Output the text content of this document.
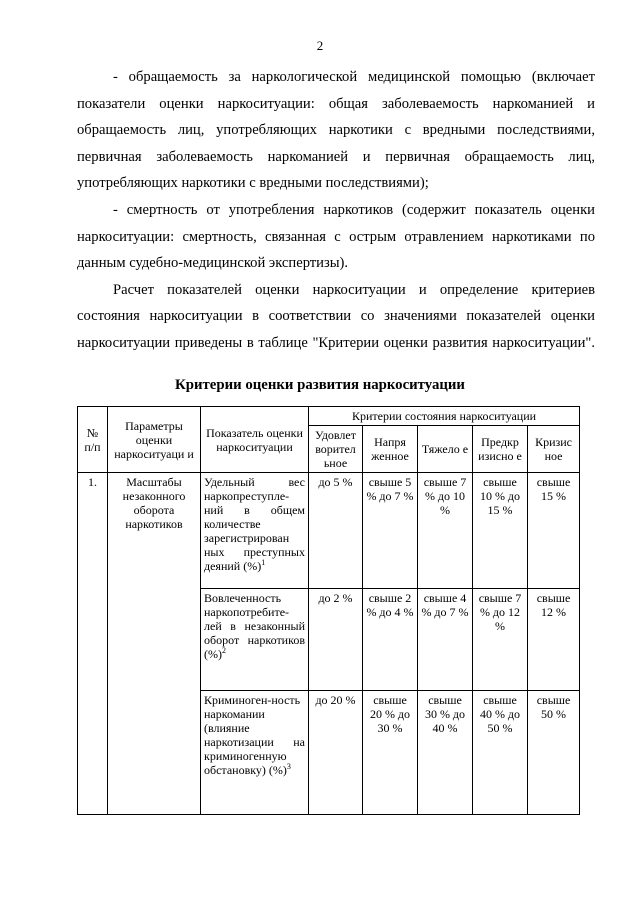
2

- обращаемость за наркологической медицинской помощью (включает показатели оценки наркоситуации: общая заболеваемость наркоманией и обращаемость лиц, употребляющих наркотики с вредными последствиями, первичная заболеваемость наркоманией и первичная обращаемость лиц, употребляющих наркотики с вредными последствиями);

- смертность от употребления наркотиков (содержит показатель оценки наркоситуации: смертность, связанная с острым отравлением наркотиками по данным судебно-медицинской экспертизы).

Расчет показателей оценки наркоситуации и определение критериев состояния наркоситуации в соответствии со значениями показателей оценки наркоситуации приведены в таблице "Критерии оценки развития наркоситуации".

Критерии оценки развития наркоситуации
№ п/п	Параметры оценки наркоситуаци и	Показатель оценки наркоситуации	Критерии состояния наркоситуации				
			Удовлет ворител ьное	Напря женное	Тяжело е	Предкр изисно е	Кризис ное
1.	Масштабы незаконного оборота наркотиков	Удельный вес наркопреступле-ний в общем количестве зарегистрирован ных преступных деяний (%)$^1$	до 5 %	свыше 5 % до 7 %	свыше 7 % до 10 %	свыше 10 % до 15 %	свыше 15 %
		Вовлеченность наркопотребите-лей в незаконный оборот наркотиков (%)$^2$	до 2 %	свыше 2 % до 4 %	свыше 4 % до 7 %	свыше 7 % до 12 %	свыше 12 %
		Криминоген-ность наркомании (влияние наркотизации на криминогенную обстановку) (%)$^3$	до 20 %	свыше 20 % до 30 %	свыше 30 % до 40 %	свыше 40 % до 50 %	свыше 50 %
